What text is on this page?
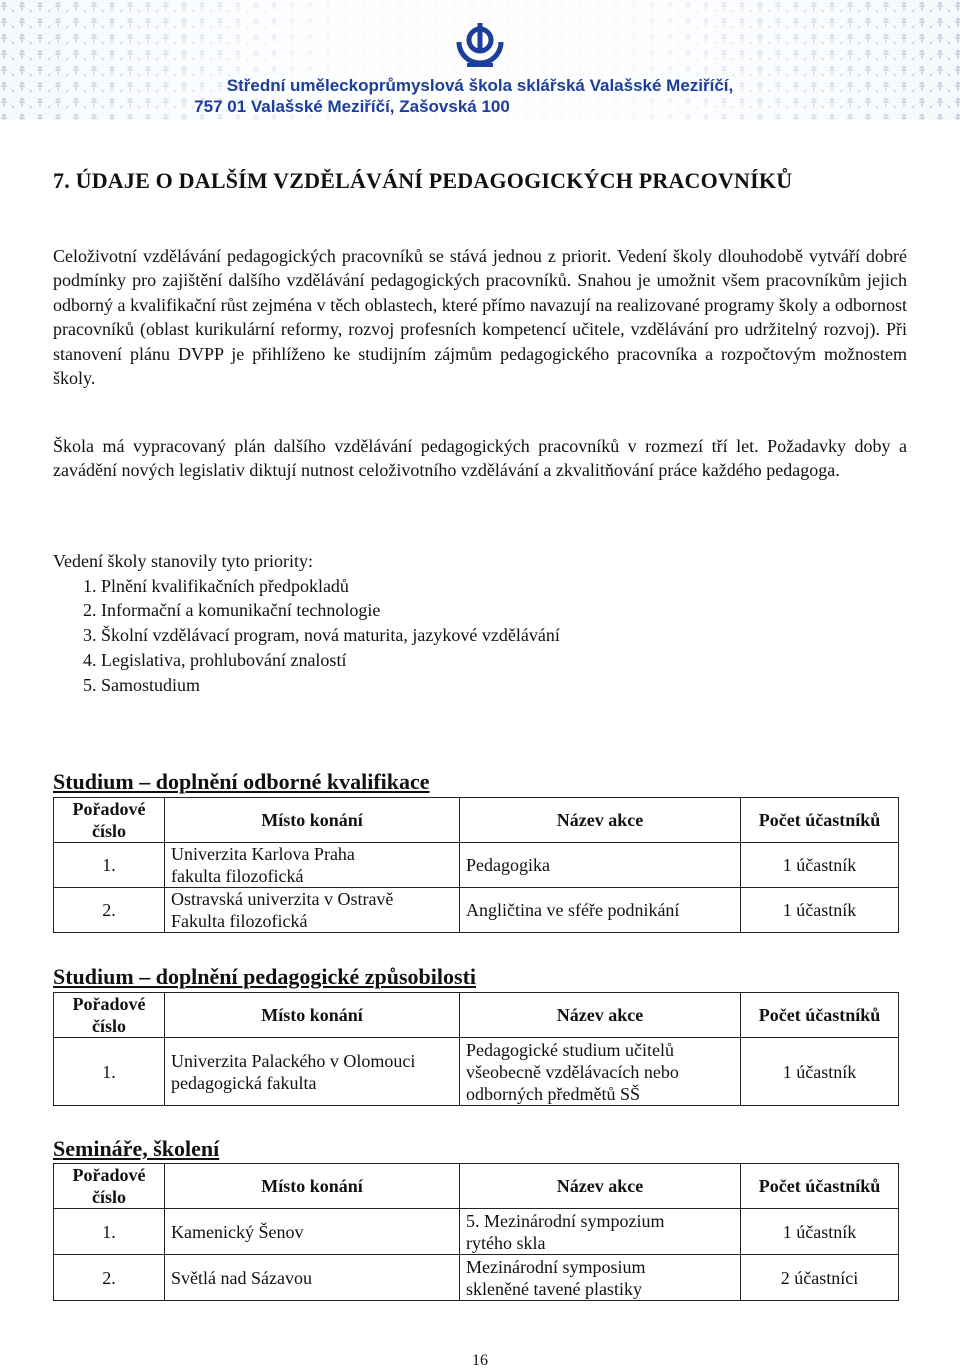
Střední uměleckoprůmyslová škola sklářská Valašské Meziříčí,
757 01 Valašské Meziříčí, Zašovská 100
7. ÚDAJE O DALŠÍM VZDĚLÁVÁNÍ PEDAGOGICKÝCH PRACOVNÍKŮ
Celoživotní vzdělávání pedagogických pracovníků se stává jednou z priorit. Vedení školy dlouhodobě vytváří dobré podmínky pro zajištění dalšího vzdělávání pedagogických pracovníků. Snahou je umožnit všem pracovníkům jejich odborný a kvalifikační růst zejména v těch oblastech, které přímo navazují na realizované programy školy a odbornost pracovníků (oblast kurikulární reformy, rozvoj profesních kompetencí učitele, vzdělávání pro udržitelný rozvoj). Při stanovení plánu DVPP je přihlíženo ke studijním zájmům pedagogického pracovníka a rozpočtovým možnostem školy.
Škola má vypracovaný plán dalšího vzdělávání pedagogických pracovníků v rozmezí tří let. Požadavky doby a zavádění nových legislativ diktují nutnost celoživotního vzdělávání a zkvalitňování práce každého pedagoga.
Vedení školy stanovily tyto priority:
1. Plnění kvalifikačních předpokladů
2. Informační a komunikační technologie
3. Školní vzdělávací program, nová maturita, jazykové vzdělávání
4. Legislativa, prohlubování znalostí
5. Samostudium
Studium – doplnění odborné kvalifikace
Pořadové
číslo	Místo konání	Název akce	Počet účastníků
1.	Univerzita Karlova Praha
fakulta filozofická	Pedagogika	1 účastník
2.	Ostravská univerzita v Ostravě
Fakulta filozofická	Angličtina ve sféře podnikání	1 účastník
Studium – doplnění pedagogické způsobilosti
Pořadové
číslo	Místo konání	Název akce	Počet účastníků
1.	Univerzita Palackého v Olomouci
pedagogická fakulta	Pedagogické studium učitelů
všeobecně vzdělávacích nebo
odborných předmětů SŠ	1 účastník
Semináře, školení
Pořadové
číslo	Místo konání	Název akce	Počet účastníků
1.	Kamenický Šenov	5. Mezinárodní sympozium
rytého skla	1 účastník
2.	Světlá nad Sázavou	Mezinárodní symposium
skleněné tavené plastiky	2 účastníci
16
